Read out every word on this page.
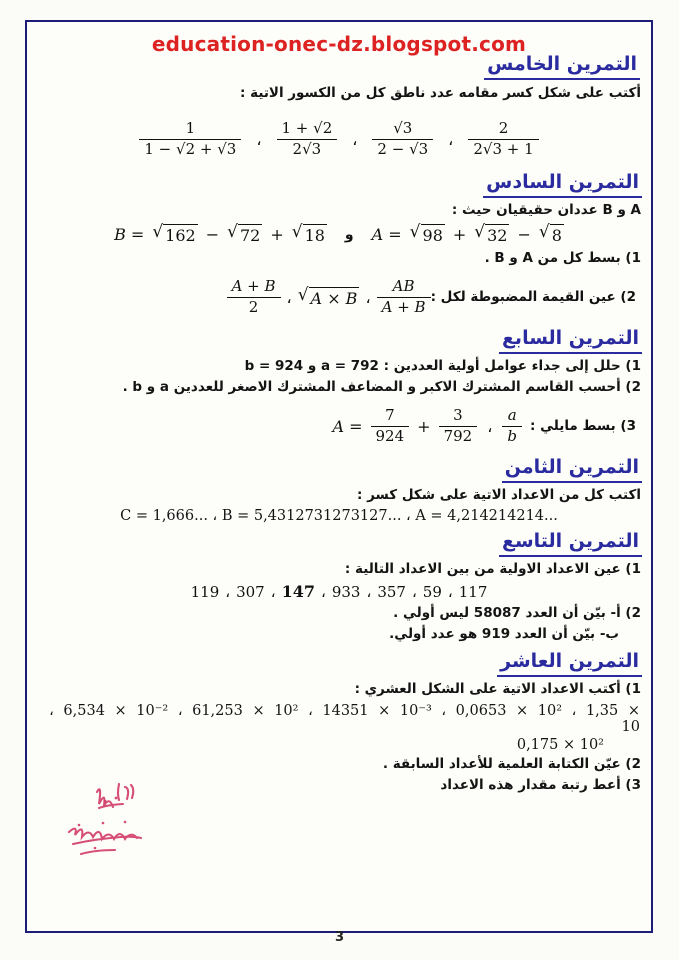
education-onec-dz.blogspot.com
التمرين الخامس
أكتب على شكل كسر مقامه عدد ناطق كل من الكسور الاتية :
$\frac{1}{1 - √2 + √3}$ ، $\frac{1 + √2}{2√3}$ ، $\frac{√3}{2 - √3}$ ، $\frac{2}{2√3 + 1}$
التمرين السادس
A و B عددان حقيقيان حيث :
B = √ 162 − √ 72 + √ 18 و A = √ 98 + √ 32 − √ 8
1) بسط كل من A و B .
$\frac{A + B}{2}$ ، √ A × B ، $\frac{AB}{A + B} 2$) عين القيمة المضبوطة لكل :
التمرين السابع
1) حلل إلى جداء عوامل أولية العددين : a = 792 و b = 924
2) أحسب القاسم المشترك الاكبر و المضاعف المشترك الاصغر للعددين a و b .
$A = \frac{7}{924} + \frac{3}{792}$ ، $\frac{a}{b} 3$) بسط مايلي :
التمرين الثامن
اكتب كل من الاعداد الاتية على شكل كسر :
C = 1,666... ، B = 5,4312731273127... ، A = 4,214214214...
التمرين التاسع
1) عين الاعداد الاولية من بين الاعداد التالية :
119 ، 307 ، 147 ، 933 ، 357 ، 59 ، 117
2) أ- بيّن أن العدد 58087 ليس أولي .
ب- بيّن أن العدد 919 هو عدد أولي.
التمرين العاشر
1) أكتب الاعداد الاتية على الشكل العشري :
، 6,534 × 10⁻² ، 61,253 × 10² ، 14351 × 10⁻³ ، 0,0653 × 10² ، 1,35 × 10
0,175 × 10²
2) عيّن الكتابة العلمية للأعداد السابقة .
3) أعط رتبة مقدار هذه الاعداد
3
